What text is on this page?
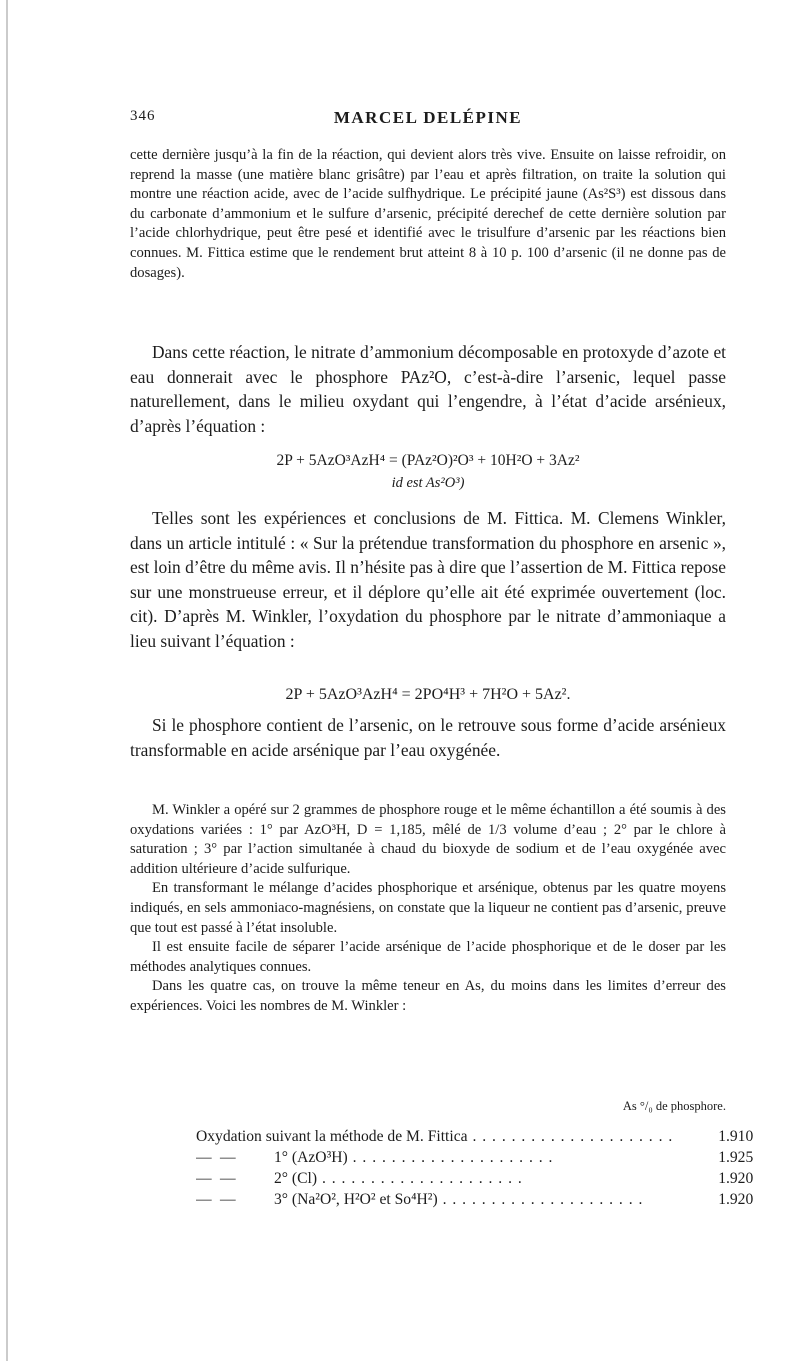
346	MARCEL DELÉPINE

cette dernière jusqu’à la fin de la réaction, qui devient alors très vive. Ensuite on laisse refroidir, on reprend la masse (une matière blanc grisâtre) par l’eau et après filtration, on traite la solution qui montre une réaction acide, avec de l’acide sulfhydrique. Le précipité jaune (As²S³) est dissous dans du carbonate d’ammonium et le sulfure d’arsenic, précipité derechef de cette dernière solution par l’acide chlorhydrique, peut être pesé et identifié avec le trisulfure d’arsenic par les réactions bien connues. M. Fittica estime que le rendement brut atteint 8 à 10 p. 100 d’arsenic (il ne donne pas de dosages).

Dans cette réaction, le nitrate d’ammonium décomposable en protoxyde d’azote et eau donnerait avec le phosphore PAz²O, c’est-à-dire l’arsenic, lequel passe naturellement, dans le milieu oxydant qui l’engendre, à l’état d’acide arsénieux, d’après l’équation :

2P + 5AzO³AzH⁴ = (PAz²O)²O³ + 10H²O + 3Az²
id est As²O³)

Telles sont les expériences et conclusions de M. Fittica. M. Clemens Winkler, dans un article intitulé : « Sur la prétendue transformation du phosphore en arsenic », est loin d’être du même avis. Il n’hésite pas à dire que l’assertion de M. Fittica repose sur une monstrueuse erreur, et il déplore qu’elle ait été exprimée ouvertement (loc. cit). D’après M. Winkler, l’oxydation du phosphore par le nitrate d’ammoniaque a lieu suivant l’équation :

2P + 5AzO³AzH⁴ = 2PO⁴H³ + 7H²O + 5Az².

Si le phosphore contient de l’arsenic, on le retrouve sous forme d’acide arsénieux transformable en acide arsénique par l’eau oxygénée.

M. Winkler a opéré sur 2 grammes de phosphore rouge et le même échantillon a été soumis à des oxydations variées : 1° par AzO³H, D = 1,185, mêlé de 1/3 volume d’eau ; 2° par le chlore à saturation ; 3° par l’action simultanée à chaud du bioxyde de sodium et de l’eau oxygénée avec addition ultérieure d’acide sulfurique.

En transformant le mélange d’acides phosphorique et arsénique, obtenus par les quatre moyens indiqués, en sels ammoniaco-magnésiens, on constate que la liqueur ne contient pas d’arsenic, preuve que tout est passé à l’état insoluble.

Il est ensuite facile de séparer l’acide arsénique de l’acide phosphorique et de le doser par les méthodes analytiques connues.

Dans les quatre cas, on trouve la même teneur en As, du moins dans les limites d’erreur des expériences. Voici les nombres de M. Winkler :

As °/₀ de phosphore.
Oxydation suivant la méthode de M. Fittica . . .	1.910
— — 1° (AzO³H) . . .	1.925
— — 2° (Cl) . . .	1.920
— — 3° (Na²O², H²O² et So⁴H²) . . .	1.920
